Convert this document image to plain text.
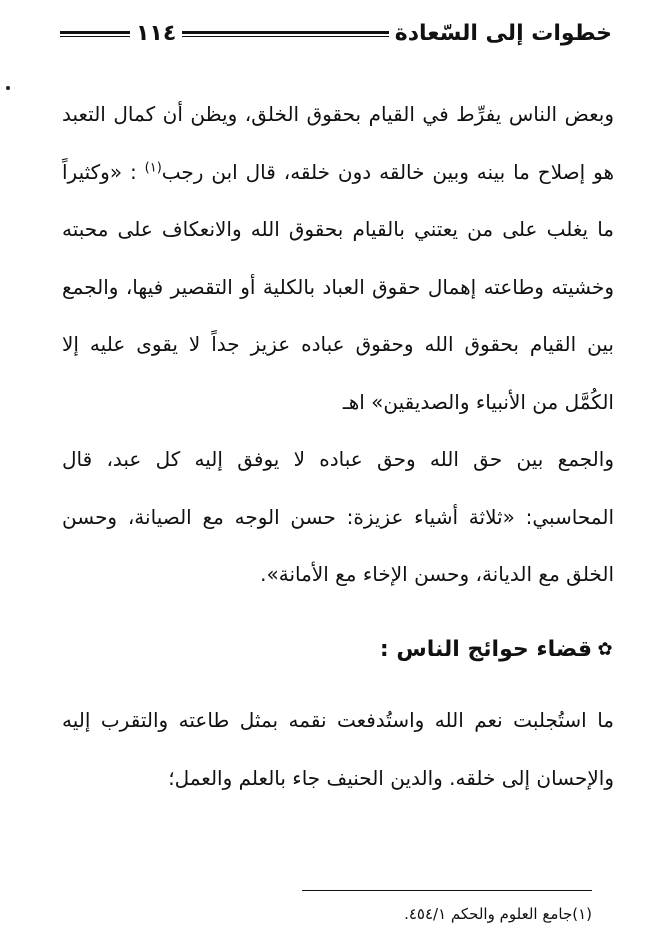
خطوات إلى السّعادة
١١٤

وبعض الناس يفرِّط في القيام بحقوق الخلق، ويظن أن كمال التعبد هو إصلاح ما بينه وبين خالقه دون خلقه، قال ابن رجب$^{(١)}$ : «وكثيراً ما يغلب على من يعتني بالقيام بحقوق الله والانعكاف على محبته وخشيته وطاعته إهمال حقوق العباد بالكلية أو التقصير فيها، والجمع بين القيام بحقوق الله وحقوق عباده عزيز جداً لا يقوى عليه إلا الكُمَّل من الأنبياء والصديقين» اهـ

والجمع بين حق الله وحق عباده لا يوفق إليه كل عبد، قال المحاسبي: «ثلاثة أشياء عزيزة: حسن الوجه مع الصيانة، وحسن الخلق مع الديانة، وحسن الإخاء مع الأمانة».

✿
قضاء حوائج الناس :

ما استُجلبت نعم الله واستُدفعت نقمه بمثل طاعته والتقرب إليه والإحسان إلى خلقه. والدين الحنيف جاء بالعلم والعمل؛

(١)جامع العلوم والحكم ٤٥٤/١.
